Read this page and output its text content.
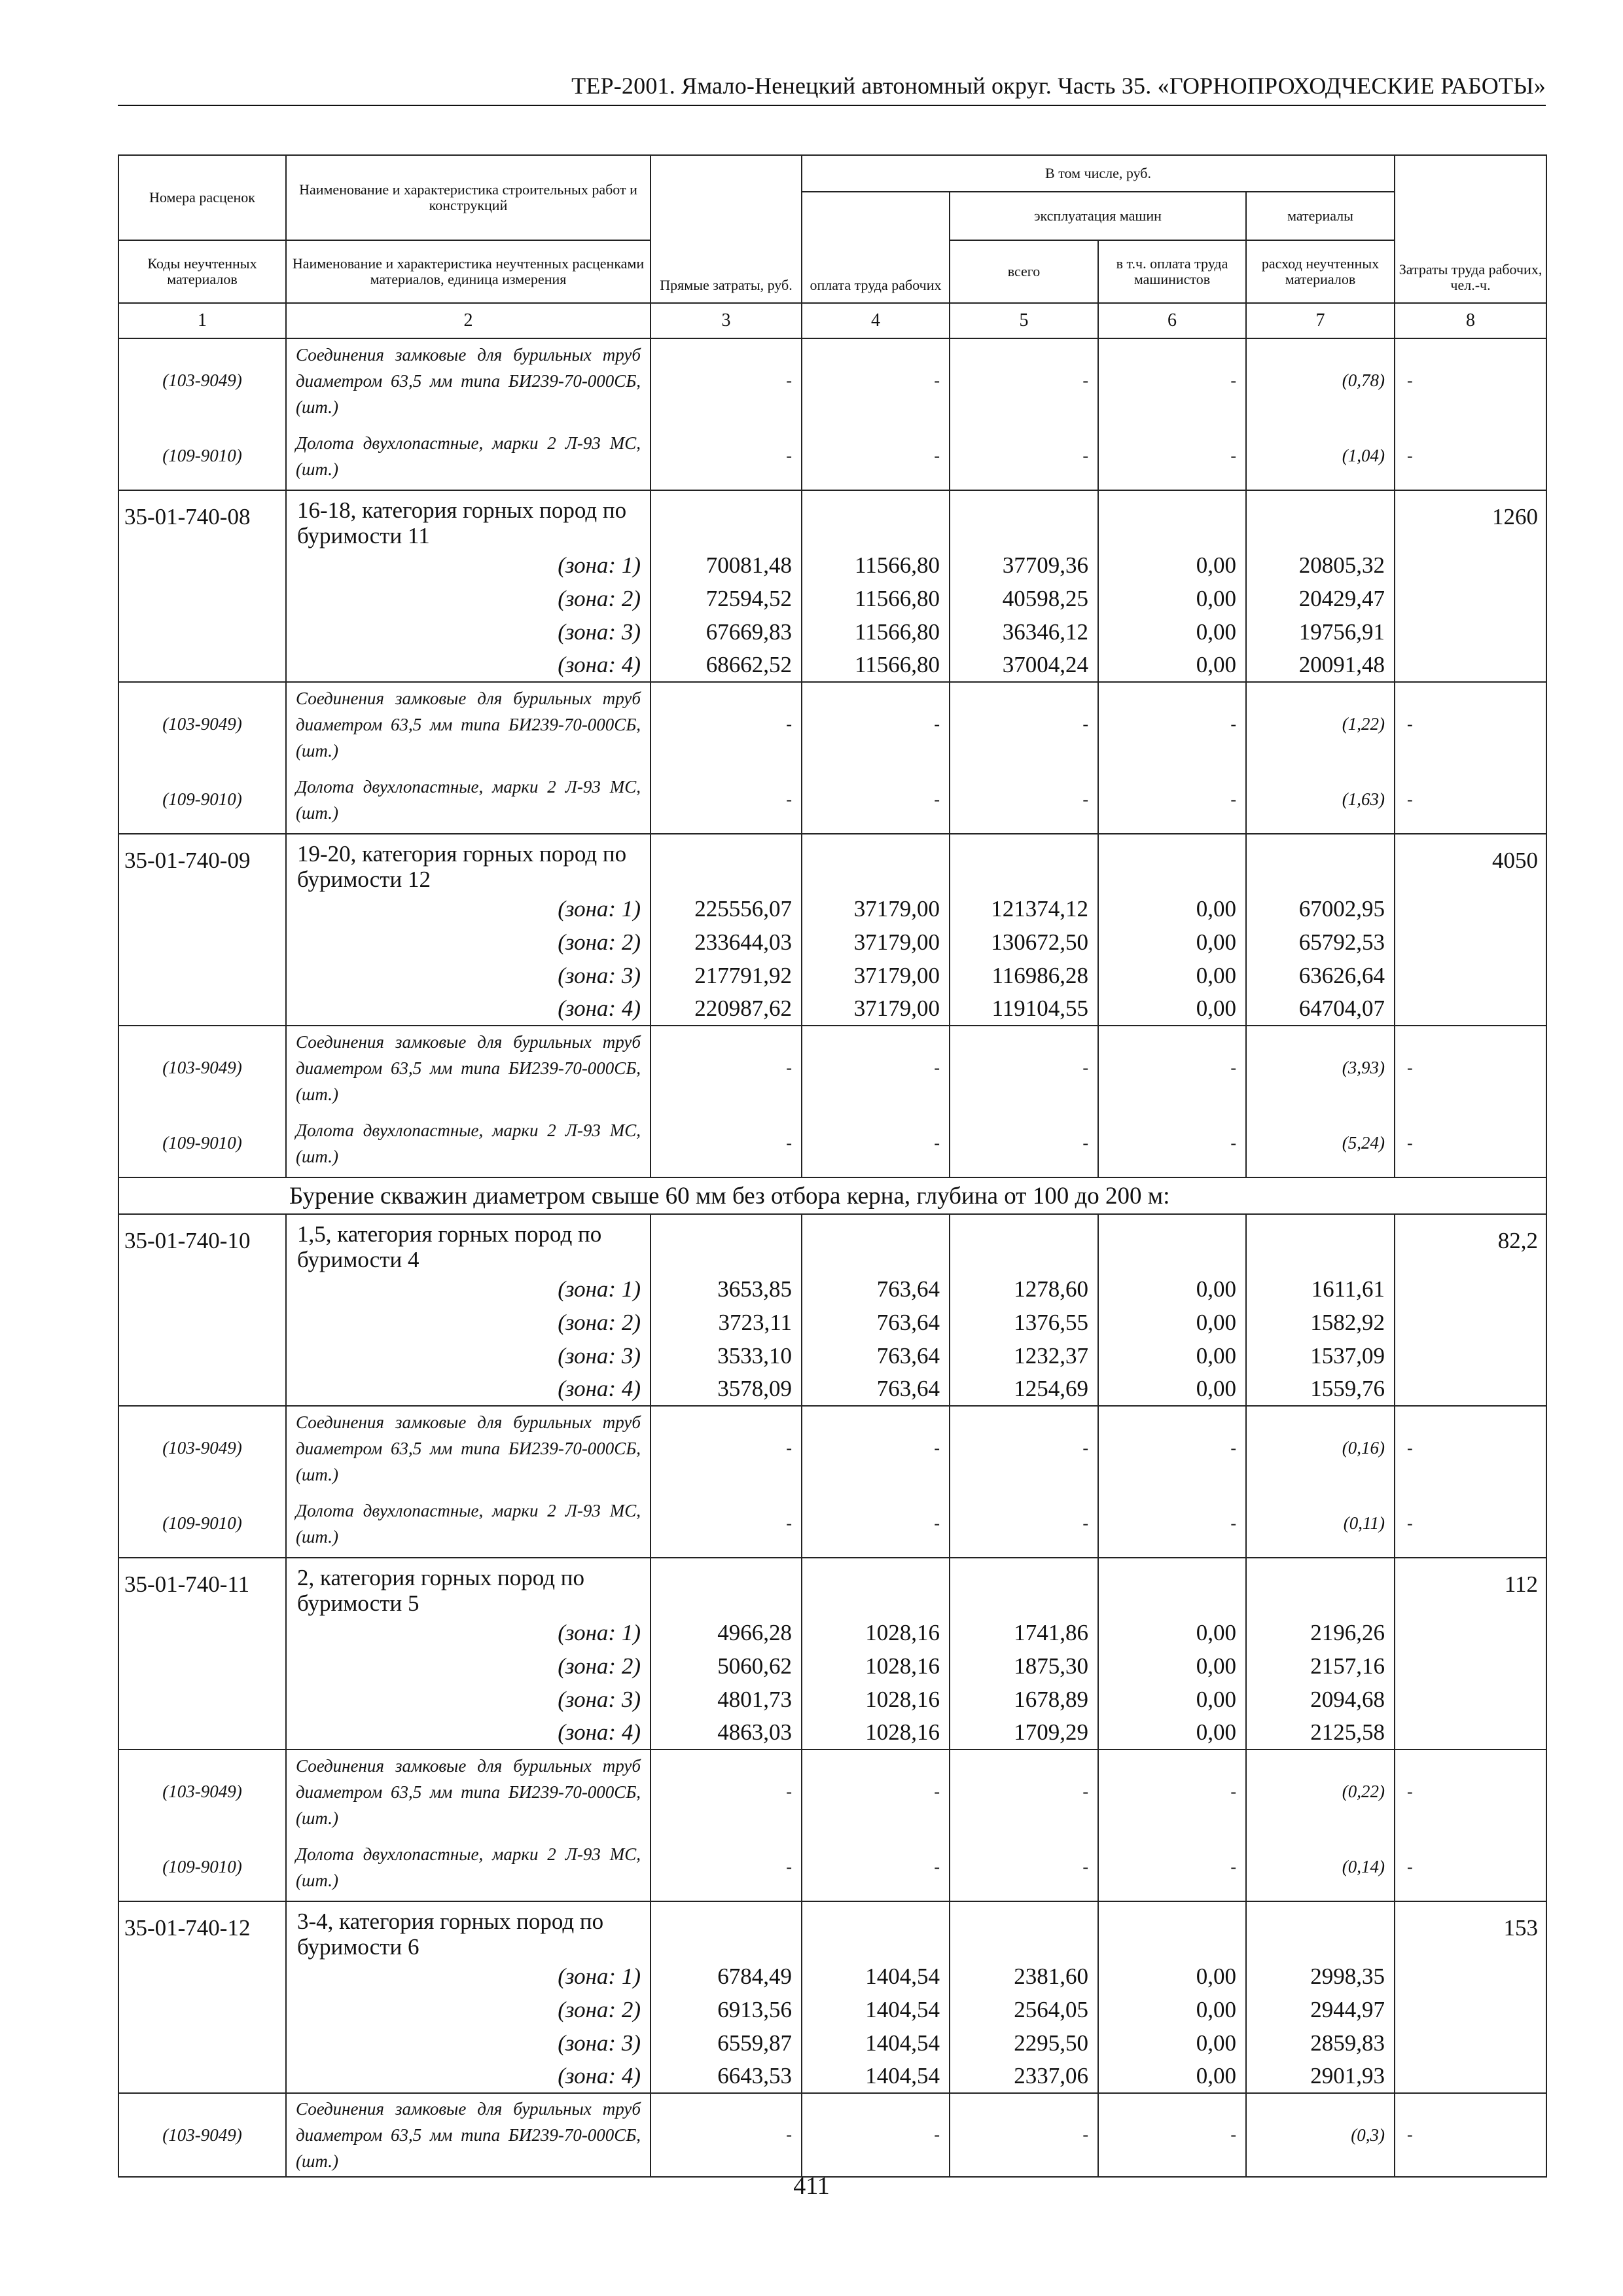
ТЕР-2001. Ямало-Ненецкий автономный округ. Часть 35. «ГОРНОПРОХОДЧЕСКИЕ РАБОТЫ»
Номера расценок	Наименование и характеристика строительных работ и конструкций	Прямые затраты, руб.	В том числе, руб.				Затраты труда рабочих, чел.-ч.
			оплата труда рабочих	эксплуатация машин		материалы	
Коды неучтенных материалов	Наименование и характеристика неучтенных расценками материалов, единица измерения			всего	в т.ч. оплата труда машинистов	расход неучтенных материалов	
1	2	3	4	5	6	7	8
(103-9049)	Соединения замковые для бурильных труб диаметром 63,5 мм типа БИ239-70-000СБ, (шт.)	-	-	-	-	(0,78)	-
(109-9010)	Долота двухлопастные, марки 2 Л-93 МС, (шт.)	-	-	-	-	(1,04)	-
35-01-740-08	16-18, категория горных пород по буримости 11						1260
	(зона: 1)	70081,48	11566,80	37709,36	0,00	20805,32	
	(зона: 2)	72594,52	11566,80	40598,25	0,00	20429,47	
	(зона: 3)	67669,83	11566,80	36346,12	0,00	19756,91	
	(зона: 4)	68662,52	11566,80	37004,24	0,00	20091,48	
(103-9049)	Соединения замковые для бурильных труб диаметром 63,5 мм типа БИ239-70-000СБ, (шт.)	-	-	-	-	(1,22)	-
(109-9010)	Долота двухлопастные, марки 2 Л-93 МС, (шт.)	-	-	-	-	(1,63)	-
35-01-740-09	19-20, категория горных пород по буримости 12						4050
	(зона: 1)	225556,07	37179,00	121374,12	0,00	67002,95	
	(зона: 2)	233644,03	37179,00	130672,50	0,00	65792,53	
	(зона: 3)	217791,92	37179,00	116986,28	0,00	63626,64	
	(зона: 4)	220987,62	37179,00	119104,55	0,00	64704,07	
(103-9049)	Соединения замковые для бурильных труб диаметром 63,5 мм типа БИ239-70-000СБ, (шт.)	-	-	-	-	(3,93)	-
(109-9010)	Долота двухлопастные, марки 2 Л-93 МС, (шт.)	-	-	-	-	(5,24)	-
Бурение скважин диаметром свыше 60 мм без отбора керна, глубина от 100 до 200 м:							
35-01-740-10	1,5, категория горных пород по буримости 4						82,2
	(зона: 1)	3653,85	763,64	1278,60	0,00	1611,61	
	(зона: 2)	3723,11	763,64	1376,55	0,00	1582,92	
	(зона: 3)	3533,10	763,64	1232,37	0,00	1537,09	
	(зона: 4)	3578,09	763,64	1254,69	0,00	1559,76	
(103-9049)	Соединения замковые для бурильных труб диаметром 63,5 мм типа БИ239-70-000СБ, (шт.)	-	-	-	-	(0,16)	-
(109-9010)	Долота двухлопастные, марки 2 Л-93 МС, (шт.)	-	-	-	-	(0,11)	-
35-01-740-11	2, категория горных пород по буримости 5						112
	(зона: 1)	4966,28	1028,16	1741,86	0,00	2196,26	
	(зона: 2)	5060,62	1028,16	1875,30	0,00	2157,16	
	(зона: 3)	4801,73	1028,16	1678,89	0,00	2094,68	
	(зона: 4)	4863,03	1028,16	1709,29	0,00	2125,58	
(103-9049)	Соединения замковые для бурильных труб диаметром 63,5 мм типа БИ239-70-000СБ, (шт.)	-	-	-	-	(0,22)	-
(109-9010)	Долота двухлопастные, марки 2 Л-93 МС, (шт.)	-	-	-	-	(0,14)	-
35-01-740-12	3-4, категория горных пород по буримости 6						153
	(зона: 1)	6784,49	1404,54	2381,60	0,00	2998,35	
	(зона: 2)	6913,56	1404,54	2564,05	0,00	2944,97	
	(зона: 3)	6559,87	1404,54	2295,50	0,00	2859,83	
	(зона: 4)	6643,53	1404,54	2337,06	0,00	2901,93	
(103-9049)	Соединения замковые для бурильных труб диаметром 63,5 мм типа БИ239-70-000СБ, (шт.)	-	-	-	-	(0,3)	-
411
